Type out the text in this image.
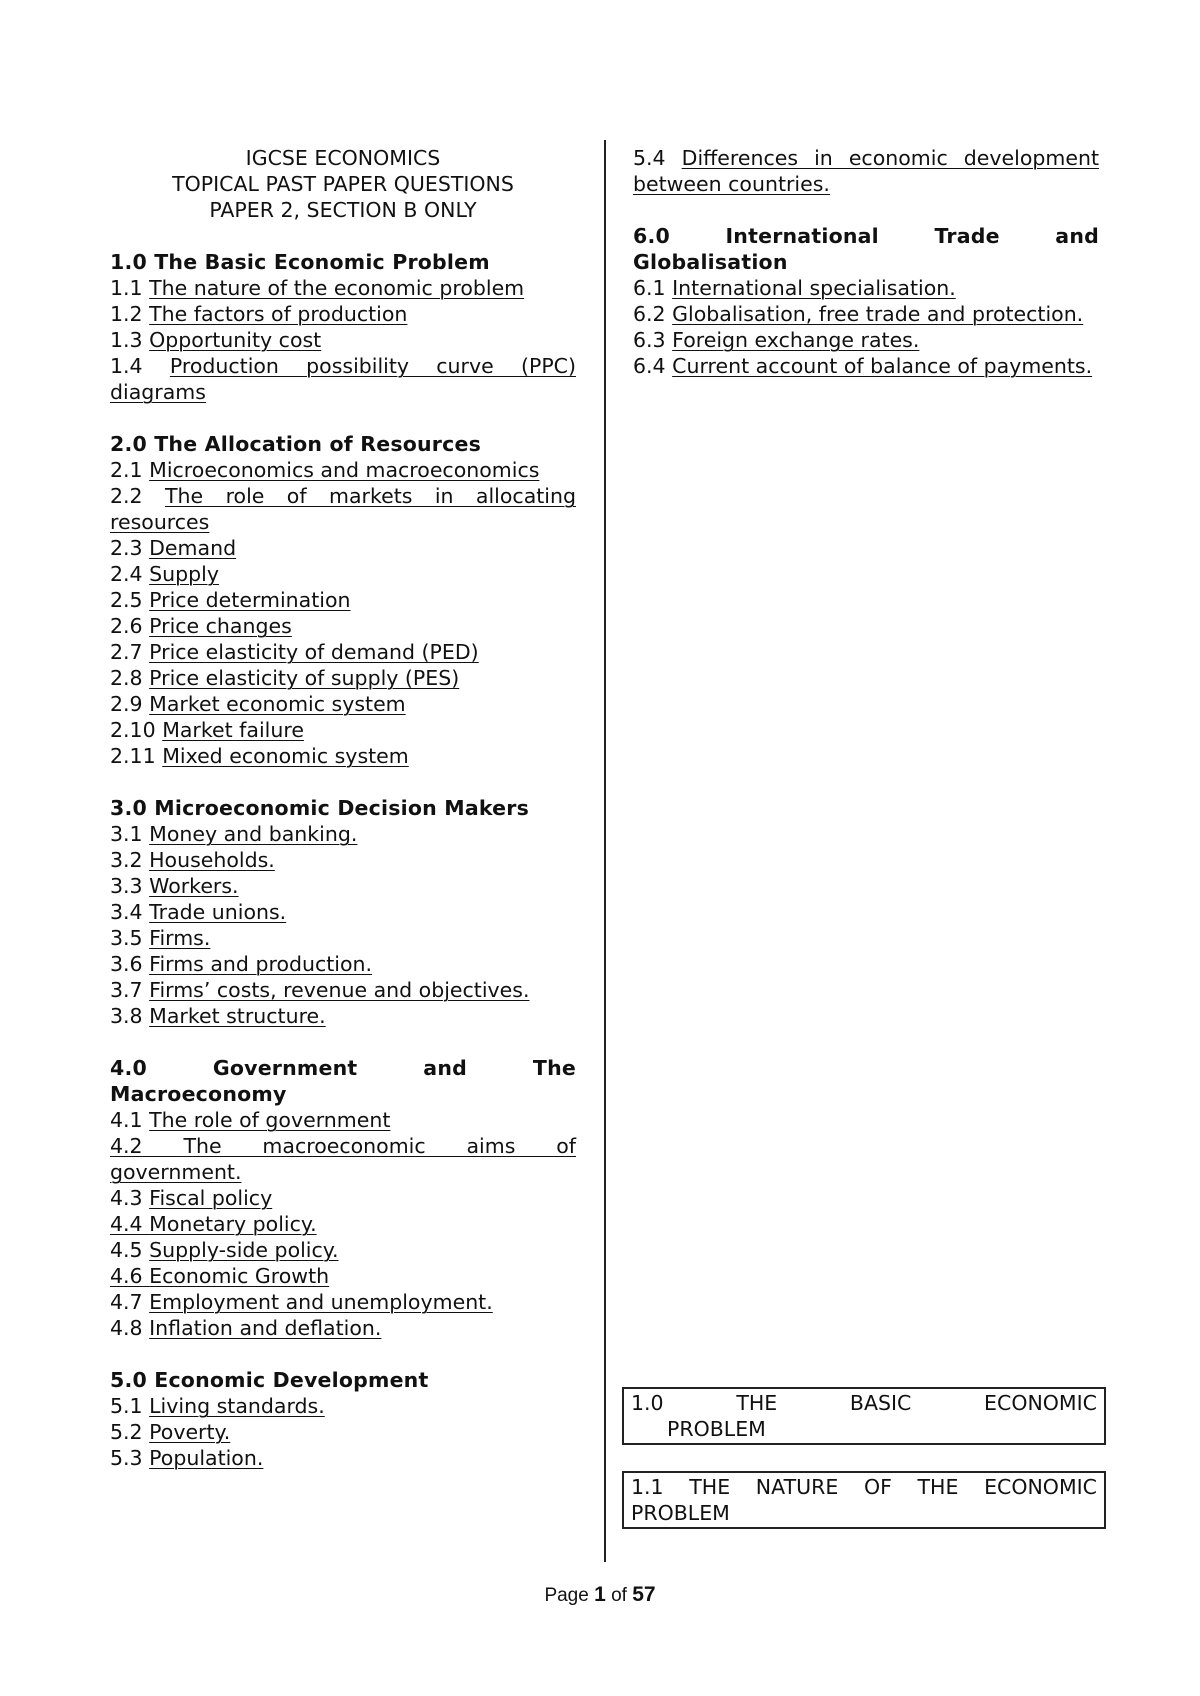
IGCSE ECONOMICS

TOPICAL PAST PAPER QUESTIONS

PAPER 2, SECTION B ONLY

1.0 The Basic Economic Problem
1.1 The nature of the economic problem
1.2 The factors of production
1.3 Opportunity cost
1.4 Production possibility curve (PPC) diagrams
2.0 The Allocation of Resources
2.1 Microeconomics and macroeconomics
2.2 The role of markets in allocating resources
2.3 Demand
2.4 Supply
2.5 Price determination
2.6 Price changes
2.7 Price elasticity of demand (PED)
2.8 Price elasticity of supply (PES)
2.9 Market economic system
2.10 Market failure
2.11 Mixed economic system
3.0 Microeconomic Decision Makers
3.1 Money and banking.
3.2 Households.
3.3 Workers.
3.4 Trade unions.
3.5 Firms.
3.6 Firms and production.
3.7 Firms’ costs, revenue and objectives.
3.8 Market structure.
4.0 Government and The Macroeconomy
4.1 The role of government
4.2 The macroeconomic aims of government.
4.3 Fiscal policy
4.4 Monetary policy.
4.5 Supply-side policy.
4.6 Economic Growth
4.7 Employment and unemployment.
4.8 Inflation and deflation.
5.0 Economic Development
5.1 Living standards.
5.2 Poverty.
5.3 Population.
5.4 Differences in economic development between countries.
6.0 International Trade and Globalisation
6.1 International specialisation.
6.2 Globalisation, free trade and protection.
6.3 Foreign exchange rates.
6.4 Current account of balance of payments.
1.0	THE BASIC ECONOMIC
PROBLEM
1.1 THE NATURE OF THE ECONOMIC
PROBLEM
Page 1 of 57
